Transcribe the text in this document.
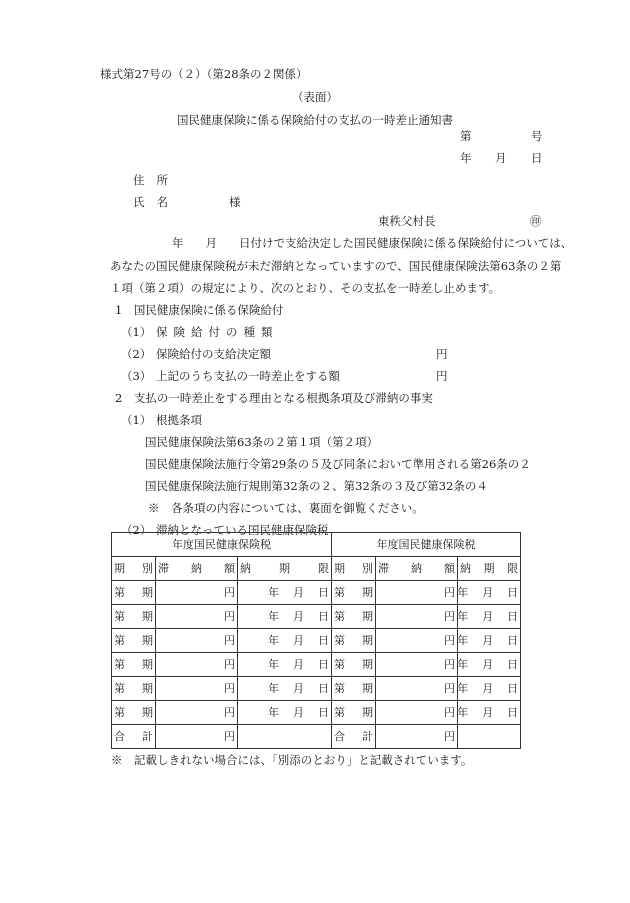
様式第27号の（２）（第28条の２関係）
（表面）
国民健康保険に係る保険給付の支払の一時差止通知書
第	号
年 月 日
住 所
氏 名	様
東秩父村長	㊞
年 月 日付けで支給決定した国民健康保険に係る保険給付については、
あなたの国民健康保険税が未だ滞納となっていますので、国民健康保険法第63条の２第
１項（第２項）の規定により、次のとおり、その支払を一時差し止めます。
1　国民健康保険に係る保険給付
（1） 保 険 給 付 の 種 類
（2） 保険給付の支給決定額	円
（3） 上記のうち支払の一時差止をする額	円
2　支払の一時差止をする理由となる根拠条項及び滞納の事実
（1） 根拠条項
国民健康保険法第63条の２第１項（第２項）
国民健康保険法施行令第29条の５及び同条において準用される第26条の２
国民健康保険法施行規則第32条の２、第32条の３及び第32条の４
※　各条項の内容については、裏面を御覧ください。
（2） 滞納となっている国民健康保険税
年度国民健康保険税			年度国民健康保険税		

期 別	滞 納 額	納 期 限	期 別	滞 納 額	納 期 限

第 期	円	年 月 日	第 期	円	年 月 日

第 期	円	年 月 日	第 期	円	年 月 日

第 期	円	年 月 日	第 期	円	年 月 日

第 期	円	年 月 日	第 期	円	年 月 日

第 期	円	年 月 日	第 期	円	年 月 日

第 期	円	年 月 日	第 期	円	年 月 日

合 計	円		合 計	円	

※　記載しきれない場合には、「別添のとおり」と記載されています。
